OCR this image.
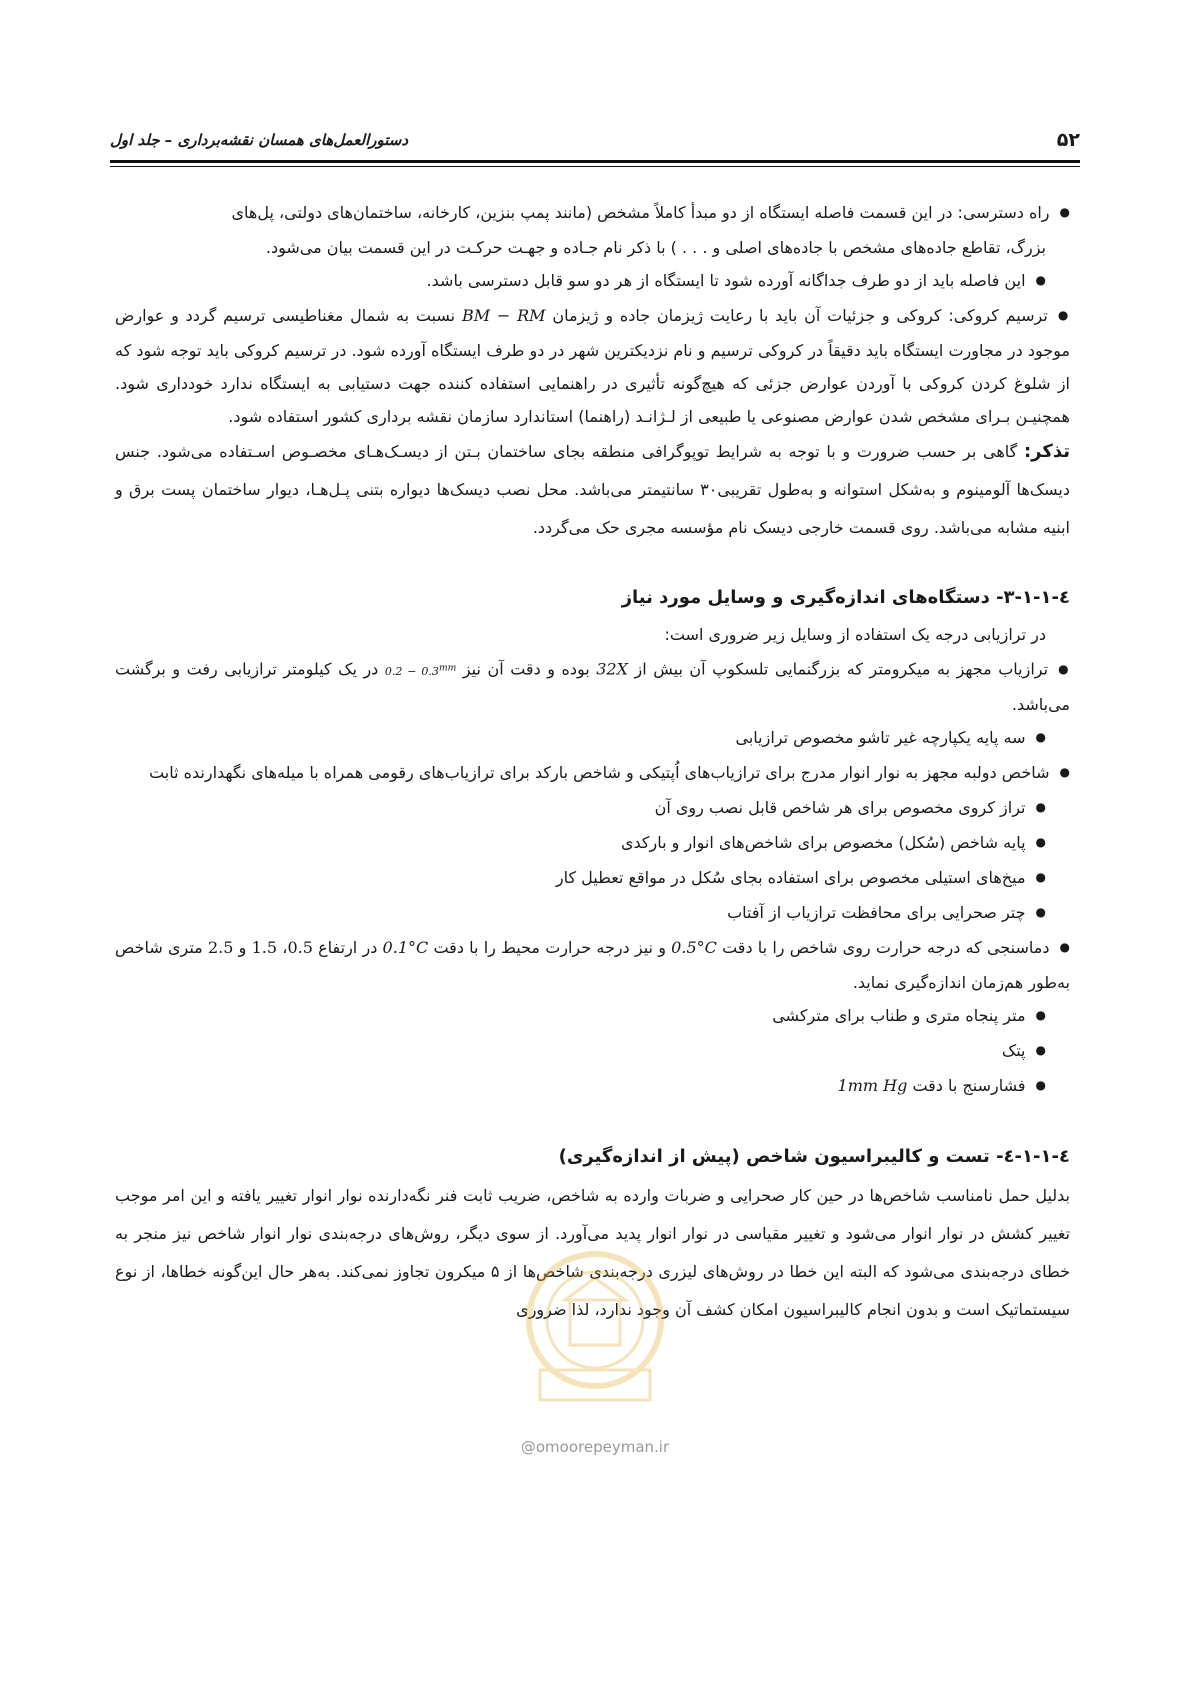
۵۲
دستورالعمل‌های همسان نقشه‌برداری – جلد اول

● راه دسترسی: در این قسمت فاصله ایستگاه از دو مبدأ کاملاً مشخص (مانند پمپ بنزین، کارخانه، ساختمان‌های دولتی، پل‌های
بزرگ، تقاطع جاده‌های مشخص با جاده‌های اصلی و . . . ) با ذکر نام جـاده و جهـت حرکـت در این قسمت بیان می‌شود.

● این فاصله باید از دو طرف جداگانه آورده شود تا ایستگاه از هر دو سو قابل دسترسی باشد.

● ترسیم کروکی: کروکی و جزئیات آن باید با رعایت ژیزمان جاده و ژیزمان BM − RM نسبت به شمال مغناطیسی ترسیم گردد و عوارض موجود در مجاورت ایستگاه باید دقیقاً در کروکی ترسیم و نام نزدیکترین شهر در دو طرف ایستگاه آورده شود. در ترسیم کروکی باید توجه شود که از شلوغ کردن کروکی با آوردن عوارض جزئی که هیچ‌گونه تأثیری در راهنمایی استفاده کننده جهت دستیابی به ایستگاه ندارد خودداری شود. همچنیـن بـرای مشخص شدن عوارض مصنوعی یا طبیعی از لـژانـد (راهنما) استاندارد سازمان نقشه برداری کشور استفاده شود.

تذکر: گاهی بر حسب ضرورت و با توجه به شرایط توپوگرافی منطقه بجای ساختمان بـتن از دیسـک‌هـای مخصـوص اسـتفاده می‌شود. جنس دیسک‌ها آلومینوم و به‌شکل استوانه و به‌طول تقریبی۳۰ سانتیمتر می‌باشد. محل نصب دیسک‌ها دیواره بتنی پـل‌هـا، دیوار ساختمان پست برق و ابنیه مشابه می‌باشد. روی قسمت خارجی دیسک نام مؤسسه مجری حک می‌گردد.

٤-١-١-٣- دستگاه‌های اندازه‌گیری و وسایل مورد نیاز

در ترازیابی درجه یک استفاده از وسایل زیر ضروری است:

● ترازیاب مجهز به میکرومتر که بزرگنمایی تلسکوپ آن بیش از 32X بوده و دقت آن نیز $0.2 - 0.3^{mm}$ در یک کیلومتر ترازیابی رفت و برگشت می‌باشد.

● سه پایه یکپارچه غیر تاشو مخصوص ترازیابی

● شاخص دولبه مجهز به نوار انوار مدرج برای ترازیاب‌های اُپتیکی و شاخص بارکد برای ترازیاب‌های رقومی همراه با میله‌های نگهدارنده ثابت

● تراز کروی مخصوص برای هر شاخص قابل نصب روی آن

● پایه شاخص (سُکل) مخصوص برای شاخص‌های انوار و بارکدی

● میخ‌های استیلی مخصوص برای استفاده بجای سُکل در مواقع تعطیل کار

● چتر صحرایی برای محافظت ترازیاب از آفتاب

● دماسنجی که درجه حرارت روی شاخص را با دقت 0.5°C و نیز درجه حرارت محیط را با دقت 0.1°C در ارتفاع 0.5، 1.5 و 2.5 متری شاخص به‌طور هم‌زمان اندازه‌گیری نماید.

● متر پنجاه متری و طناب برای مترکشی

● پتک

● فشارسنج با دقت 1mm Hg

٤-١-١-٤- تست و کالیبراسیون شاخص (پیش از اندازه‌گیری)

بدلیل حمل نامناسب شاخص‌ها در حین کار صحرایی و ضربات وارده به شاخص، ضریب ثابت فنر نگه‌دارنده نوار انوار تغییر یافته و این امر موجب تغییر کشش در نوار انوار می‌شود و تغییر مقیاسی در نوار انوار پدید می‌آورد. از سوی دیگر، روش‌های درجه‌بندی نوار انوار شاخص نیز منجر به خطای درجه‌بندی می‌شود که البته این خطا در روش‌های لیزری درجه‌بندی شاخص‌ها از ۵ میکرون تجاوز نمی‌کند. به‌هر حال این‌گونه خطاها، از نوع سیستماتیک است و بدون انجام کالیبراسیون امکان کشف آن وجود ندارد، لذا ضروری

@omoorepeyman.ir
